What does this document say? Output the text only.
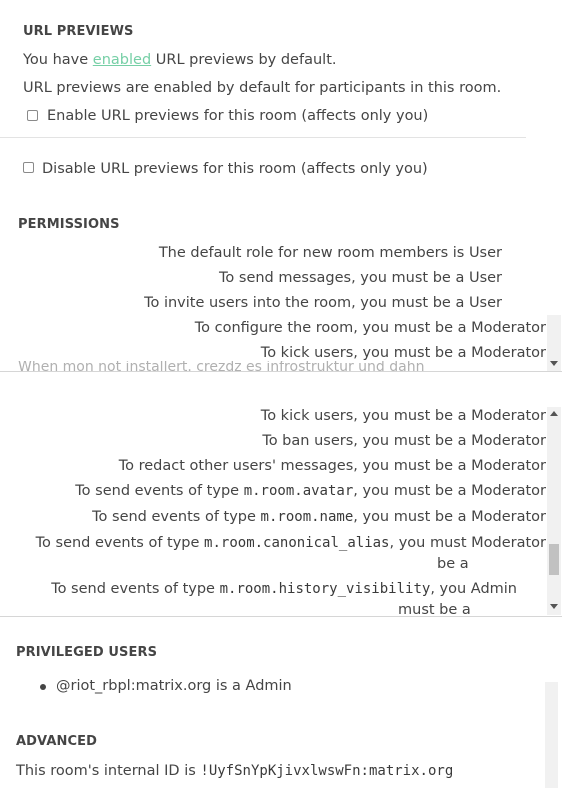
URL PREVIEWS
You have enabled URL previews by default.
URL previews are enabled by default for participants in this room.
Enable URL previews for this room (affects only you)
Disable URL previews for this room (affects only you)
PERMISSIONS
The default role for new room members is User
To send messages, you must be a User
To invite users into the room, you must be a User
To configure the room, you must be a Moderator
To kick users, you must be a Moderator
When mon not installert. crezdz es infrostruktur und dahn
To kick users, you must be a Moderator
To ban users, you must be a Moderator
To redact other users' messages, you must be a Moderator
To send events of type m.room.avatar, you must be a Moderator
To send events of type m.room.name, you must be a Moderator
To send events of type m.room.canonical_alias, you must Moderator
be a
To send events of type m.room.history_visibility, you Admin
must be a
PRIVILEGED USERS
@riot_rbpl:matrix.org is a Admin
ADVANCED
This room's internal ID is !UyfSnYpKjivxlwswFn:matrix.org
